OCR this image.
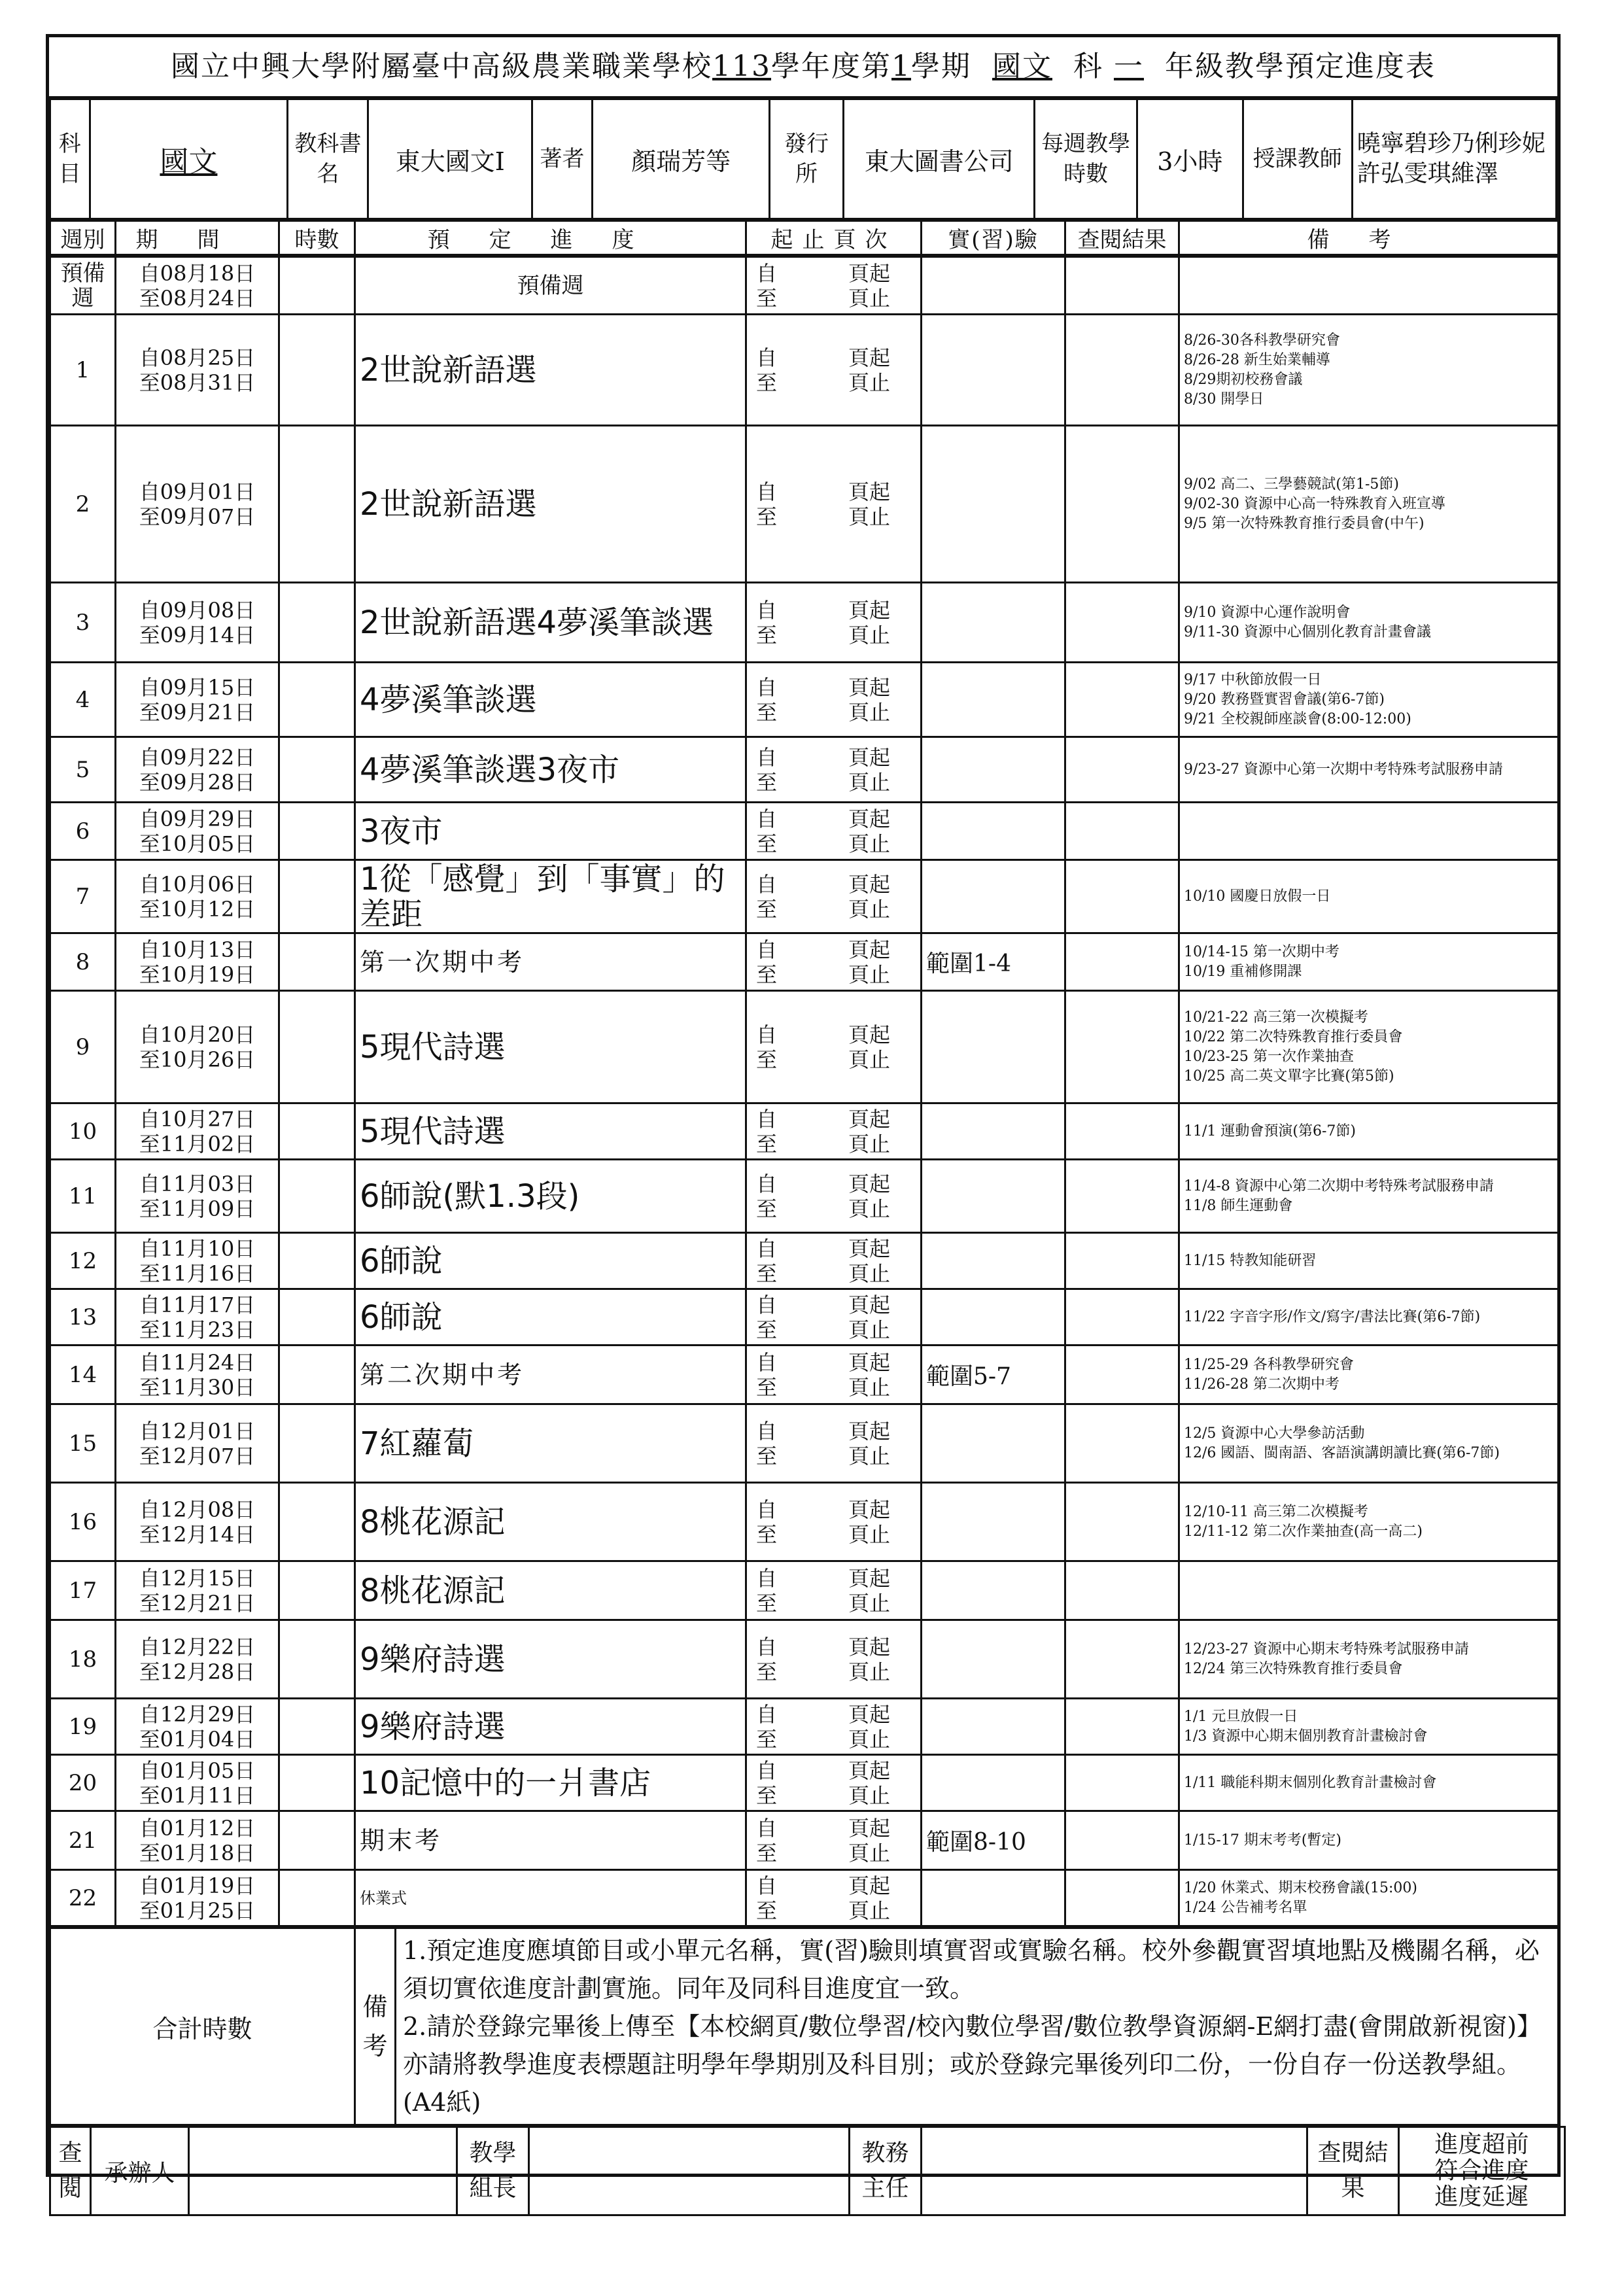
國立中興大學附屬臺中高級農業職業學校113學年度第1學期 國文 科 一 年級教學預定進度表
科目	國文	教科書名	東大國文I	著者	顏瑞芳等	發行所	東大圖書公司	每週教學時數	3小時	授課教師	曉寧碧珍乃俐珍妮許弘雯琪維澤
週別	期間	時數	預定進度	起止頁次	實(習)驗	查閱結果	備考
預備週	自08月18日
至08月24日		預備週	自 頁起
至 頁止			

1	自08月25日
至08月31日		2世說新語選	自 頁起
至 頁止			8/26-30各科教學研究會
8/26-28 新生始業輔導
8/29期初校務會議
8/30 開學日

2	自09月01日
至09月07日		2世說新語選	自 頁起
至 頁止			9/02 高二、三學藝競試(第1-5節)
9/02-30 資源中心高一特殊教育入班宣導
9/5 第一次特殊教育推行委員會(中午)

3	自09月08日
至09月14日		2世說新語選4夢溪筆談選	自 頁起
至 頁止			9/10 資源中心運作說明會
9/11-30 資源中心個別化教育計畫會議

4	自09月15日
至09月21日		4夢溪筆談選	自 頁起
至 頁止			9/17 中秋節放假一日
9/20 教務暨實習會議(第6-7節)
9/21 全校親師座談會(8:00-12:00)

5	自09月22日
至09月28日		4夢溪筆談選3夜市	自 頁起
至 頁止			9/23-27 資源中心第一次期中考特殊考試服務申請

6	自09月29日
至10月05日		3夜市	自 頁起
至 頁止			

7	自10月06日
至10月12日		1從「感覺」到「事實」的差距	自 頁起
至 頁止			10/10 國慶日放假一日

8	自10月13日
至10月19日		第一次期中考	自 頁起
至 頁止	範圍1-4		10/14-15 第一次期中考
10/19 重補修開課

9	自10月20日
至10月26日		5現代詩選	自 頁起
至 頁止			10/21-22 高三第一次模擬考
10/22 第二次特殊教育推行委員會
10/23-25 第一次作業抽查
10/25 高二英文單字比賽(第5節)

10	自10月27日
至11月02日		5現代詩選	自 頁起
至 頁止			11/1 運動會預演(第6-7節)

11	自11月03日
至11月09日		6師說(默1.3段)	自 頁起
至 頁止			11/4-8 資源中心第二次期中考特殊考試服務申請
11/8 師生運動會

12	自11月10日
至11月16日		6師說	自 頁起
至 頁止			11/15 特教知能研習

13	自11月17日
至11月23日		6師說	自 頁起
至 頁止			11/22 字音字形/作文/寫字/書法比賽(第6-7節)

14	自11月24日
至11月30日		第二次期中考	自 頁起
至 頁止	範圍5-7		11/25-29 各科教學研究會
11/26-28 第二次期中考

15	自12月01日
至12月07日		7紅蘿蔔	自 頁起
至 頁止			12/5 資源中心大學參訪活動
12/6 國語、閩南語、客語演講朗讀比賽(第6-7節)

16	自12月08日
至12月14日		8桃花源記	自 頁起
至 頁止			12/10-11 高三第二次模擬考
12/11-12 第二次作業抽查(高一高二)

17	自12月15日
至12月21日		8桃花源記	自 頁起
至 頁止			

18	自12月22日
至12月28日		9樂府詩選	自 頁起
至 頁止			12/23-27 資源中心期末考特殊考試服務申請
12/24 第三次特殊教育推行委員會

19	自12月29日
至01月04日		9樂府詩選	自 頁起
至 頁止			1/1 元旦放假一日
1/3 資源中心期末個別教育計畫檢討會

20	自01月05日
至01月11日		10記憶中的一爿書店	自 頁起
至 頁止			1/11 職能科期末個別化教育計畫檢討會

21	自01月12日
至01月18日		期末考	自 頁起
至 頁止	範圍8-10		1/15-17 期末考考(暫定)

22	自01月19日
至01月25日		休業式	自 頁起
至 頁止			1/20 休業式、期末校務會議(15:00)
1/24 公告補考名單
合計時數	備考	
1.預定進度應填節目或小單元名稱，實(習)驗則填實習或實驗名稱。校外參觀實習填地點及機關名稱，必須切實依進度計劃實施。同年及同科目進度宜一致。
2.請於登錄完畢後上傳至【本校網頁/數位學習/校內數位學習/數位教學資源網-E網打盡(會開啟新視窗)】亦請將教學進度表標題註明學年學期別及科目別；或於登錄完畢後列印二份，一份自存一份送教學組。(A4紙)
查閱	承辦人		教學組長		教務主任		查閱結果	
進度超前
符合進度
進度延遲
